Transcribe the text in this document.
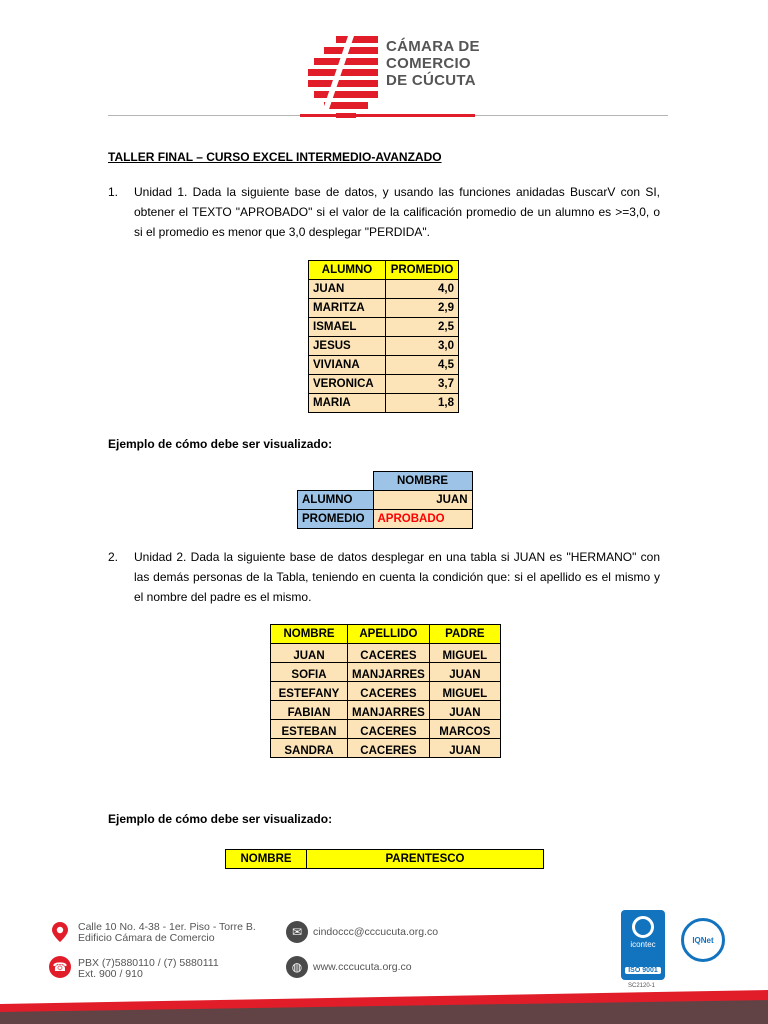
CÁMARA DE
COMERCIO
DE CÚCUTA
TALLER FINAL – CURSO EXCEL INTERMEDIO-AVANZADO
1. Unidad 1. Dada la siguiente base de datos, y usando las funciones anidadas BuscarV con SI, obtener el TEXTO "APROBADO" si el valor de la calificación promedio de un alumno es >=3,0, o si el promedio es menor que 3,0 desplegar "PERDIDA".
ALUMNO	PROMEDIO
JUAN	4,0
MARITZA	2,9
ISMAEL	2,5
JESUS	3,0
VIVIANA	4,5
VERONICA	3,7
MARIA	1,8
Ejemplo de cómo debe ser visualizado:
	NOMBRE
ALUMNO	JUAN
PROMEDIO	APROBADO
2. Unidad 2. Dada la siguiente base de datos desplegar en una tabla si JUAN es "HERMANO" con las demás personas de la Tabla, teniendo en cuenta la condición que: si el apellido es el mismo y el nombre del padre es el mismo.
NOMBRE	APELLIDO	PADRE
JUAN	CACERES	MIGUEL
SOFIA	MANJARRES	JUAN
ESTEFANY	CACERES	MIGUEL
FABIAN	MANJARRES	JUAN
ESTEBAN	CACERES	MARCOS
SANDRA	CACERES	JUAN
Ejemplo de cómo debe ser visualizado:
NOMBRE	PARENTESCO
Calle 10 No. 4-38 - 1er. Piso - Torre B.
Edificio Cámara de Comercio
☎	PBX (7)5880110 / (7) 5880111
Ext. 900 / 910
✉	cindoccc@cccucuta.org.co
◍	www.cccucuta.org.co
icontec
ISO 9001
IQNet
SC2120-1
